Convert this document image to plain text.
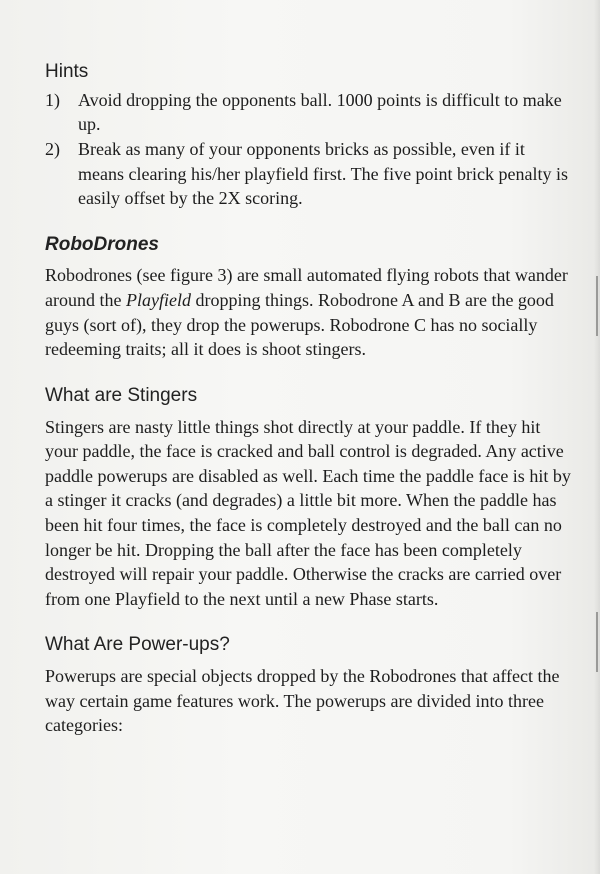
Hints
1)	Avoid dropping the opponents ball. 1000 points is difficult to make up.
2)	Break as many of your opponents bricks as possible, even if it means clearing his/her playfield first. The five point brick penalty is easily offset by the 2X scoring.
RoboDrones

Robodrones (see figure 3) are small automated flying robots that wander around the Playfield dropping things. Robodrone A and B are the good guys (sort of), they drop the powerups. Robodrone C has no socially redeeming traits; all it does is shoot stingers.

What are Stingers

Stingers are nasty little things shot directly at your paddle. If they hit your paddle, the face is cracked and ball control is degraded. Any active paddle powerups are disabled as well. Each time the paddle face is hit by a stinger it cracks (and degrades) a little bit more. When the paddle has been hit four times, the face is completely destroyed and the ball can no longer be hit. Dropping the ball after the face has been completely destroyed will repair your paddle. Otherwise the cracks are carried over from one Playfield to the next until a new Phase starts.

What Are Power-ups?

Powerups are special objects dropped by the Robodrones that affect the way certain game features work. The powerups are divided into three categories:
